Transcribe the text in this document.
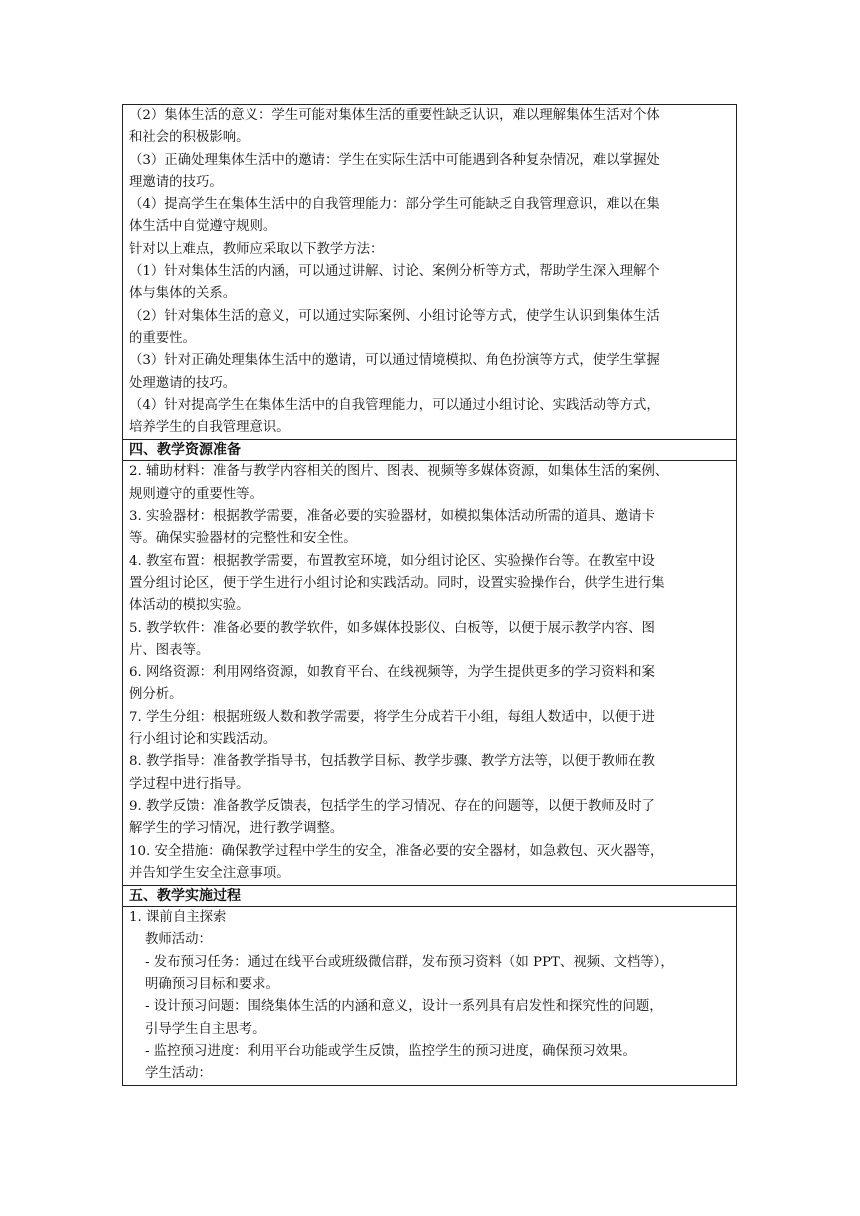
（2）集体生活的意义：学生可能对集体生活的重要性缺乏认识，难以理解集体生活对个体
和社会的积极影响。
（3）正确处理集体生活中的邀请：学生在实际生活中可能遇到各种复杂情况，难以掌握处
理邀请的技巧。
（4）提高学生在集体生活中的自我管理能力：部分学生可能缺乏自我管理意识，难以在集
体生活中自觉遵守规则。
针对以上难点，教师应采取以下教学方法：
（1）针对集体生活的内涵，可以通过讲解、讨论、案例分析等方式，帮助学生深入理解个
体与集体的关系。
（2）针对集体生活的意义，可以通过实际案例、小组讨论等方式，使学生认识到集体生活
的重要性。
（3）针对正确处理集体生活中的邀请，可以通过情境模拟、角色扮演等方式，使学生掌握
处理邀请的技巧。
（4）针对提高学生在集体生活中的自我管理能力，可以通过小组讨论、实践活动等方式，
培养学生的自我管理意识。
四、教学资源准备
2. 辅助材料：准备与教学内容相关的图片、图表、视频等多媒体资源，如集体生活的案例、
规则遵守的重要性等。
3. 实验器材：根据教学需要，准备必要的实验器材，如模拟集体活动所需的道具、邀请卡
等。确保实验器材的完整性和安全性。
4. 教室布置：根据教学需要，布置教室环境，如分组讨论区、实验操作台等。在教室中设
置分组讨论区，便于学生进行小组讨论和实践活动。同时，设置实验操作台，供学生进行集
体活动的模拟实验。
5. 教学软件：准备必要的教学软件，如多媒体投影仪、白板等，以便于展示教学内容、图
片、图表等。
6. 网络资源：利用网络资源，如教育平台、在线视频等，为学生提供更多的学习资料和案
例分析。
7. 学生分组：根据班级人数和教学需要，将学生分成若干小组，每组人数适中，以便于进
行小组讨论和实践活动。
8. 教学指导：准备教学指导书，包括教学目标、教学步骤、教学方法等，以便于教师在教
学过程中进行指导。
9. 教学反馈：准备教学反馈表，包括学生的学习情况、存在的问题等，以便于教师及时了
解学生的学习情况，进行教学调整。
10. 安全措施：确保教学过程中学生的安全，准备必要的安全器材，如急救包、灭火器等，
并告知学生安全注意事项。
五、教学实施过程
1. 课前自主探索
教师活动：
- 发布预习任务：通过在线平台或班级微信群，发布预习资料（如 PPT、视频、文档等），
明确预习目标和要求。
- 设计预习问题：围绕集体生活的内涵和意义，设计一系列具有启发性和探究性的问题，
引导学生自主思考。
- 监控预习进度：利用平台功能或学生反馈，监控学生的预习进度，确保预习效果。
学生活动：
